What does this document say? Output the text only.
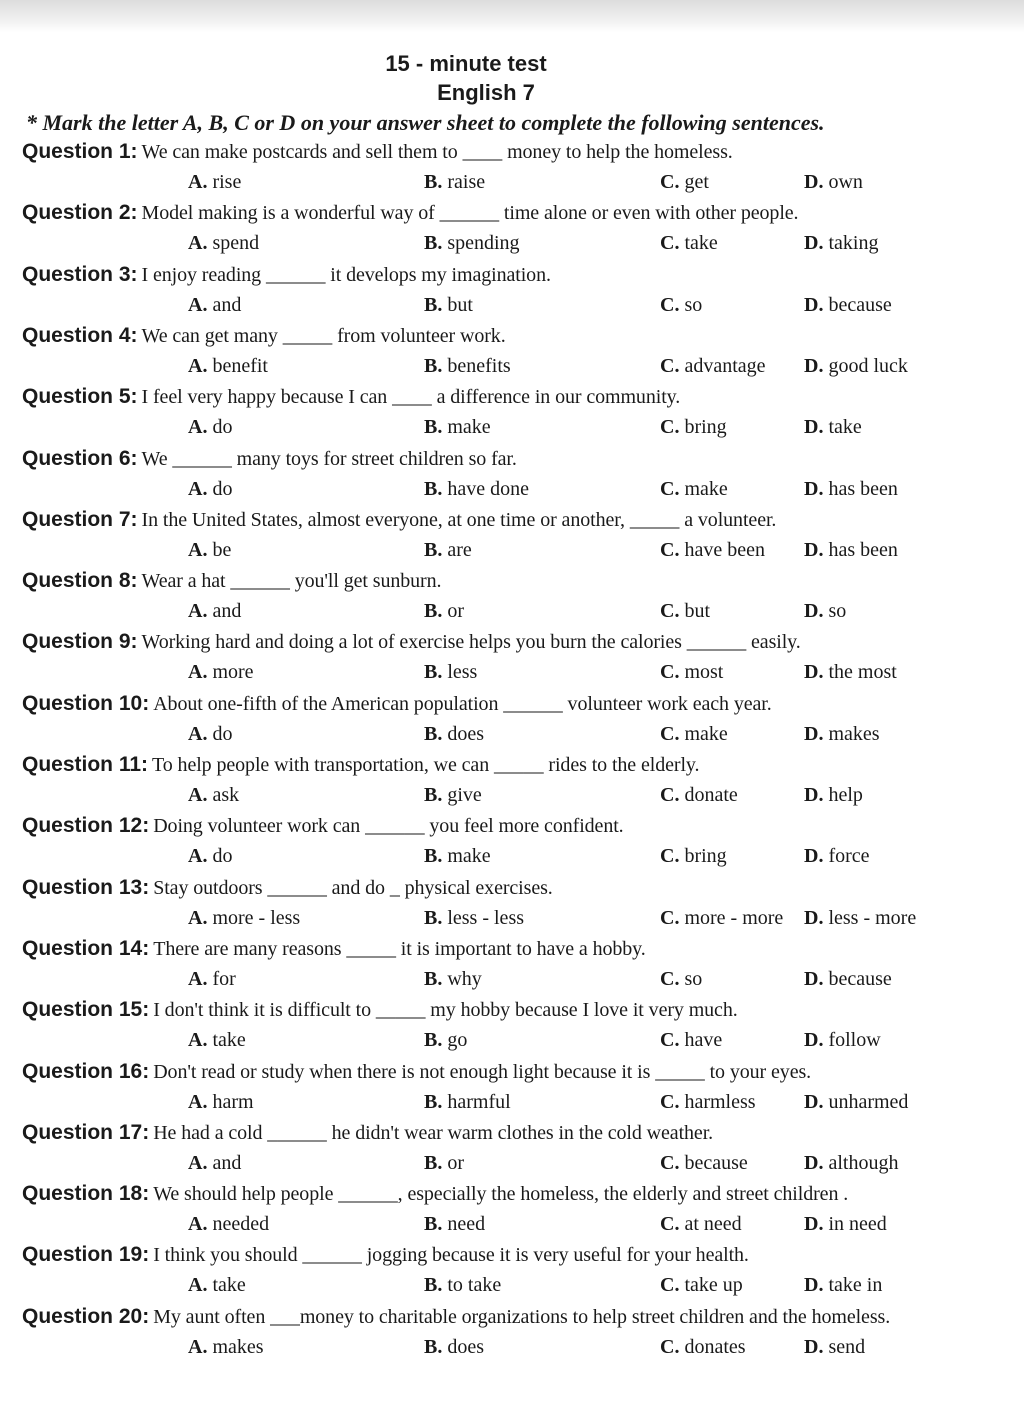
15 - minute test
English 7
* Mark the letter A, B, C or D on your answer sheet to complete the following sentences.
Question 1: We can make postcards and sell them to ____ money to help the homeless.
A. rise	B. raise	C. get	D. own
Question 2: Model making is a wonderful way of ______ time alone or even with other people.
A. spend	B. spending	C. take	D. taking
Question 3: I enjoy reading ______ it develops my imagination.
A. and	B. but	C. so	D. because
Question 4: We can get many _____ from volunteer work.
A. benefit	B. benefits	C. advantage D. good luck
Question 5: I feel very happy because I can ____ a difference in our community.
A. do	B. make	C. bring	D. take
Question 6: We ______ many toys for street children so far.
A. do	B. have done	C. make	D. has been
Question 7: In the United States, almost everyone, at one time or another, _____ a volunteer.
A. be	B. are	C. have been D. has been
Question 8: Wear a hat ______ you'll get sunburn.
A. and	B. or	C. but	D. so
Question 9: Working hard and doing a lot of exercise helps you burn the calories ______ easily.
A. more	B. less	C. most	D. the most
Question 10: About one-fifth of the American population ______ volunteer work each year.
A. do	B. does	C. make	D. makes
Question 11: To help people with transportation, we can _____ rides to the elderly.
A. ask	B. give	C. donate	D. help
Question 12: Doing volunteer work can ______ you feel more confident.
A. do	B. make	C. bring	D. force
Question 13: Stay outdoors ______ and do _ physical exercises.
A. more - less	B. less - less	C. more - more D. less - more
Question 14: There are many reasons _____ it is important to have a hobby.
A. for	B. why	C. so	D. because
Question 15: I don't think it is difficult to _____ my hobby because I love it very much.
A. take	B. go	C. have	D. follow
Question 16: Don't read or study when there is not enough light because it is _____ to your eyes.
A. harm	B. harmful	C. harmless D. unharmed
Question 17: He had a cold ______ he didn't wear warm clothes in the cold weather.
A. and	B. or	C. because	D. although
Question 18: We should help people ______, especially the homeless, the elderly and street children .
A. needed	B. need	C. at need	D. in need
Question 19: I think you should ______ jogging because it is very useful for your health.
A. take	B. to take	C. take up	D. take in
Question 20: My aunt often ___money to charitable organizations to help street children and the homeless.
A. makes	B. does	C. donates	D. send
